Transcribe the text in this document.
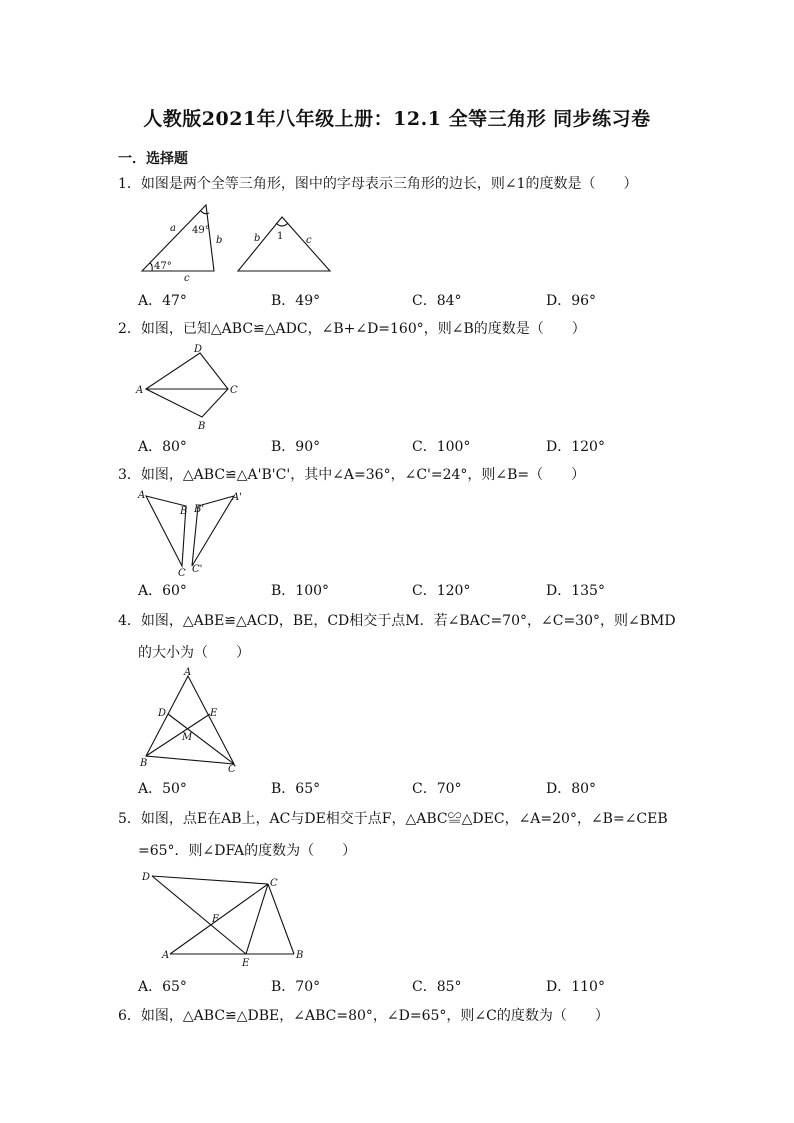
人教版2021年八年级上册：12.1 全等三角形 同步练习卷
一．选择题
1．如图是两个全等三角形，图中的字母表示三角形的边长，则∠1的度数是（　　）
a 49°
b
47°
c
b 1 c
A．47°	B．49°	C．84°	D．96°
2．如图，已知△ABC≌△ADC，∠B+∠D=160°，则∠B的度数是（　　）
D
A	C
B
A．80°	B．90°	C．100°	D．120°
3．如图，△ABC≌△A'B'C'，其中∠A=36°，∠C'=24°，则∠B=（　　）
A
B B'
A'
C C'
A．60°	B．100°	C．120°	D．135°
4．如图，△ABE≌△ACD，BE，CD相交于点M．若∠BAC=70°，∠C=30°，则∠BMD
的大小为（　　）
A
D	E
M
B
C
A．50°	B．65°	C．70°	D．80°
5．如图，点E在AB上，AC与DE相交于点F，△ABC≌△DEC，∠A=20°，∠B=∠CEB
=65°．则∠DFA的度数为（　　）
D
C
F
A
E
B
A．65°	B．70°	C．85°	D．110°
6．如图，△ABC≌△DBE，∠ABC=80°，∠D=65°，则∠C的度数为（　　）
